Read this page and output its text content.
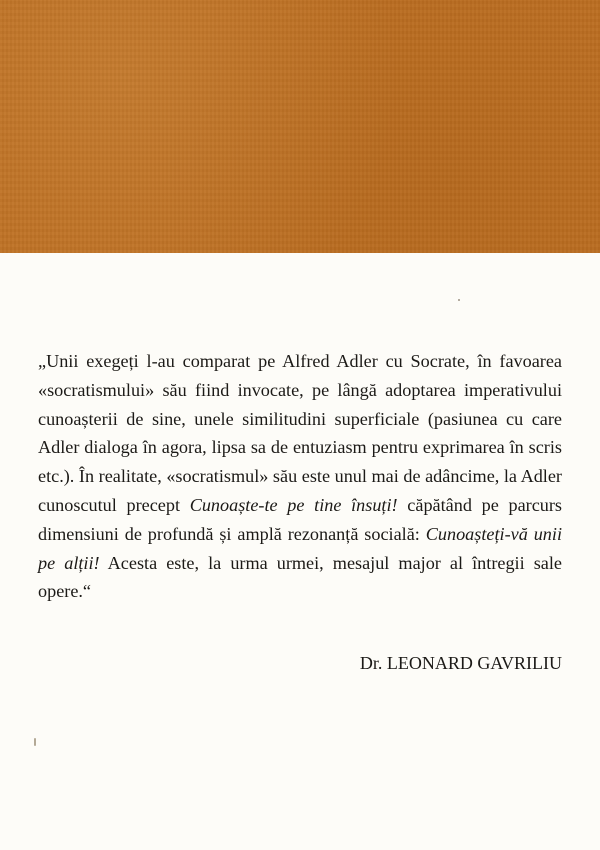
„Unii exegeți l-au comparat pe Alfred Adler cu Socrate, în favoarea «socratismului» său fiind invocate, pe lângă adoptarea imperativului cunoașterii de sine, unele similitudini superficiale (pasiunea cu care Adler dialoga în agora, lipsa sa de entuziasm pentru exprimarea în scris etc.). În realitate, «socratismul» său este unul mai de adâncime, la Adler cunoscutul precept Cunoaște-te pe tine însuți! căpătând pe parcurs dimensiuni de profundă și amplă rezonanță socială: Cunoașteți-vă unii pe alții! Acesta este, la urma urmei, mesajul major al întregii sale opere.“

Dr. LEONARD GAVRILIU
